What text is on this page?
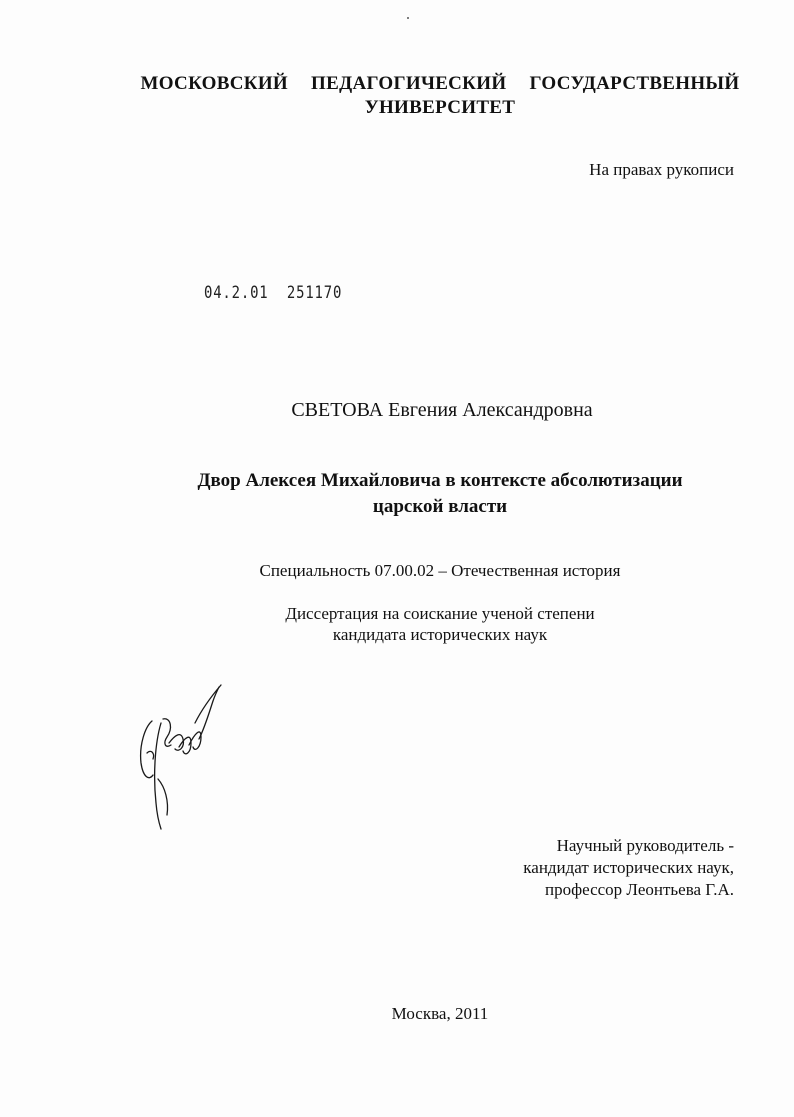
МОСКОВСКИЙ ПЕДАГОГИЧЕСКИЙ ГОСУДАРСТВЕННЫЙ
УНИВЕРСИТЕТ
На правах рукописи
04.2.01  251170
СВЕТОВА Евгения Александровна
Двор Алексея Михайловича в контексте абсолютизации
царской власти
Специальность 07.00.02 – Отечественная история
Диссертация на соискание ученой степени
кандидата исторических наук
Научный руководитель -
кандидат исторических наук,
профессор Леонтьева Г.А.
Москва, 2011
